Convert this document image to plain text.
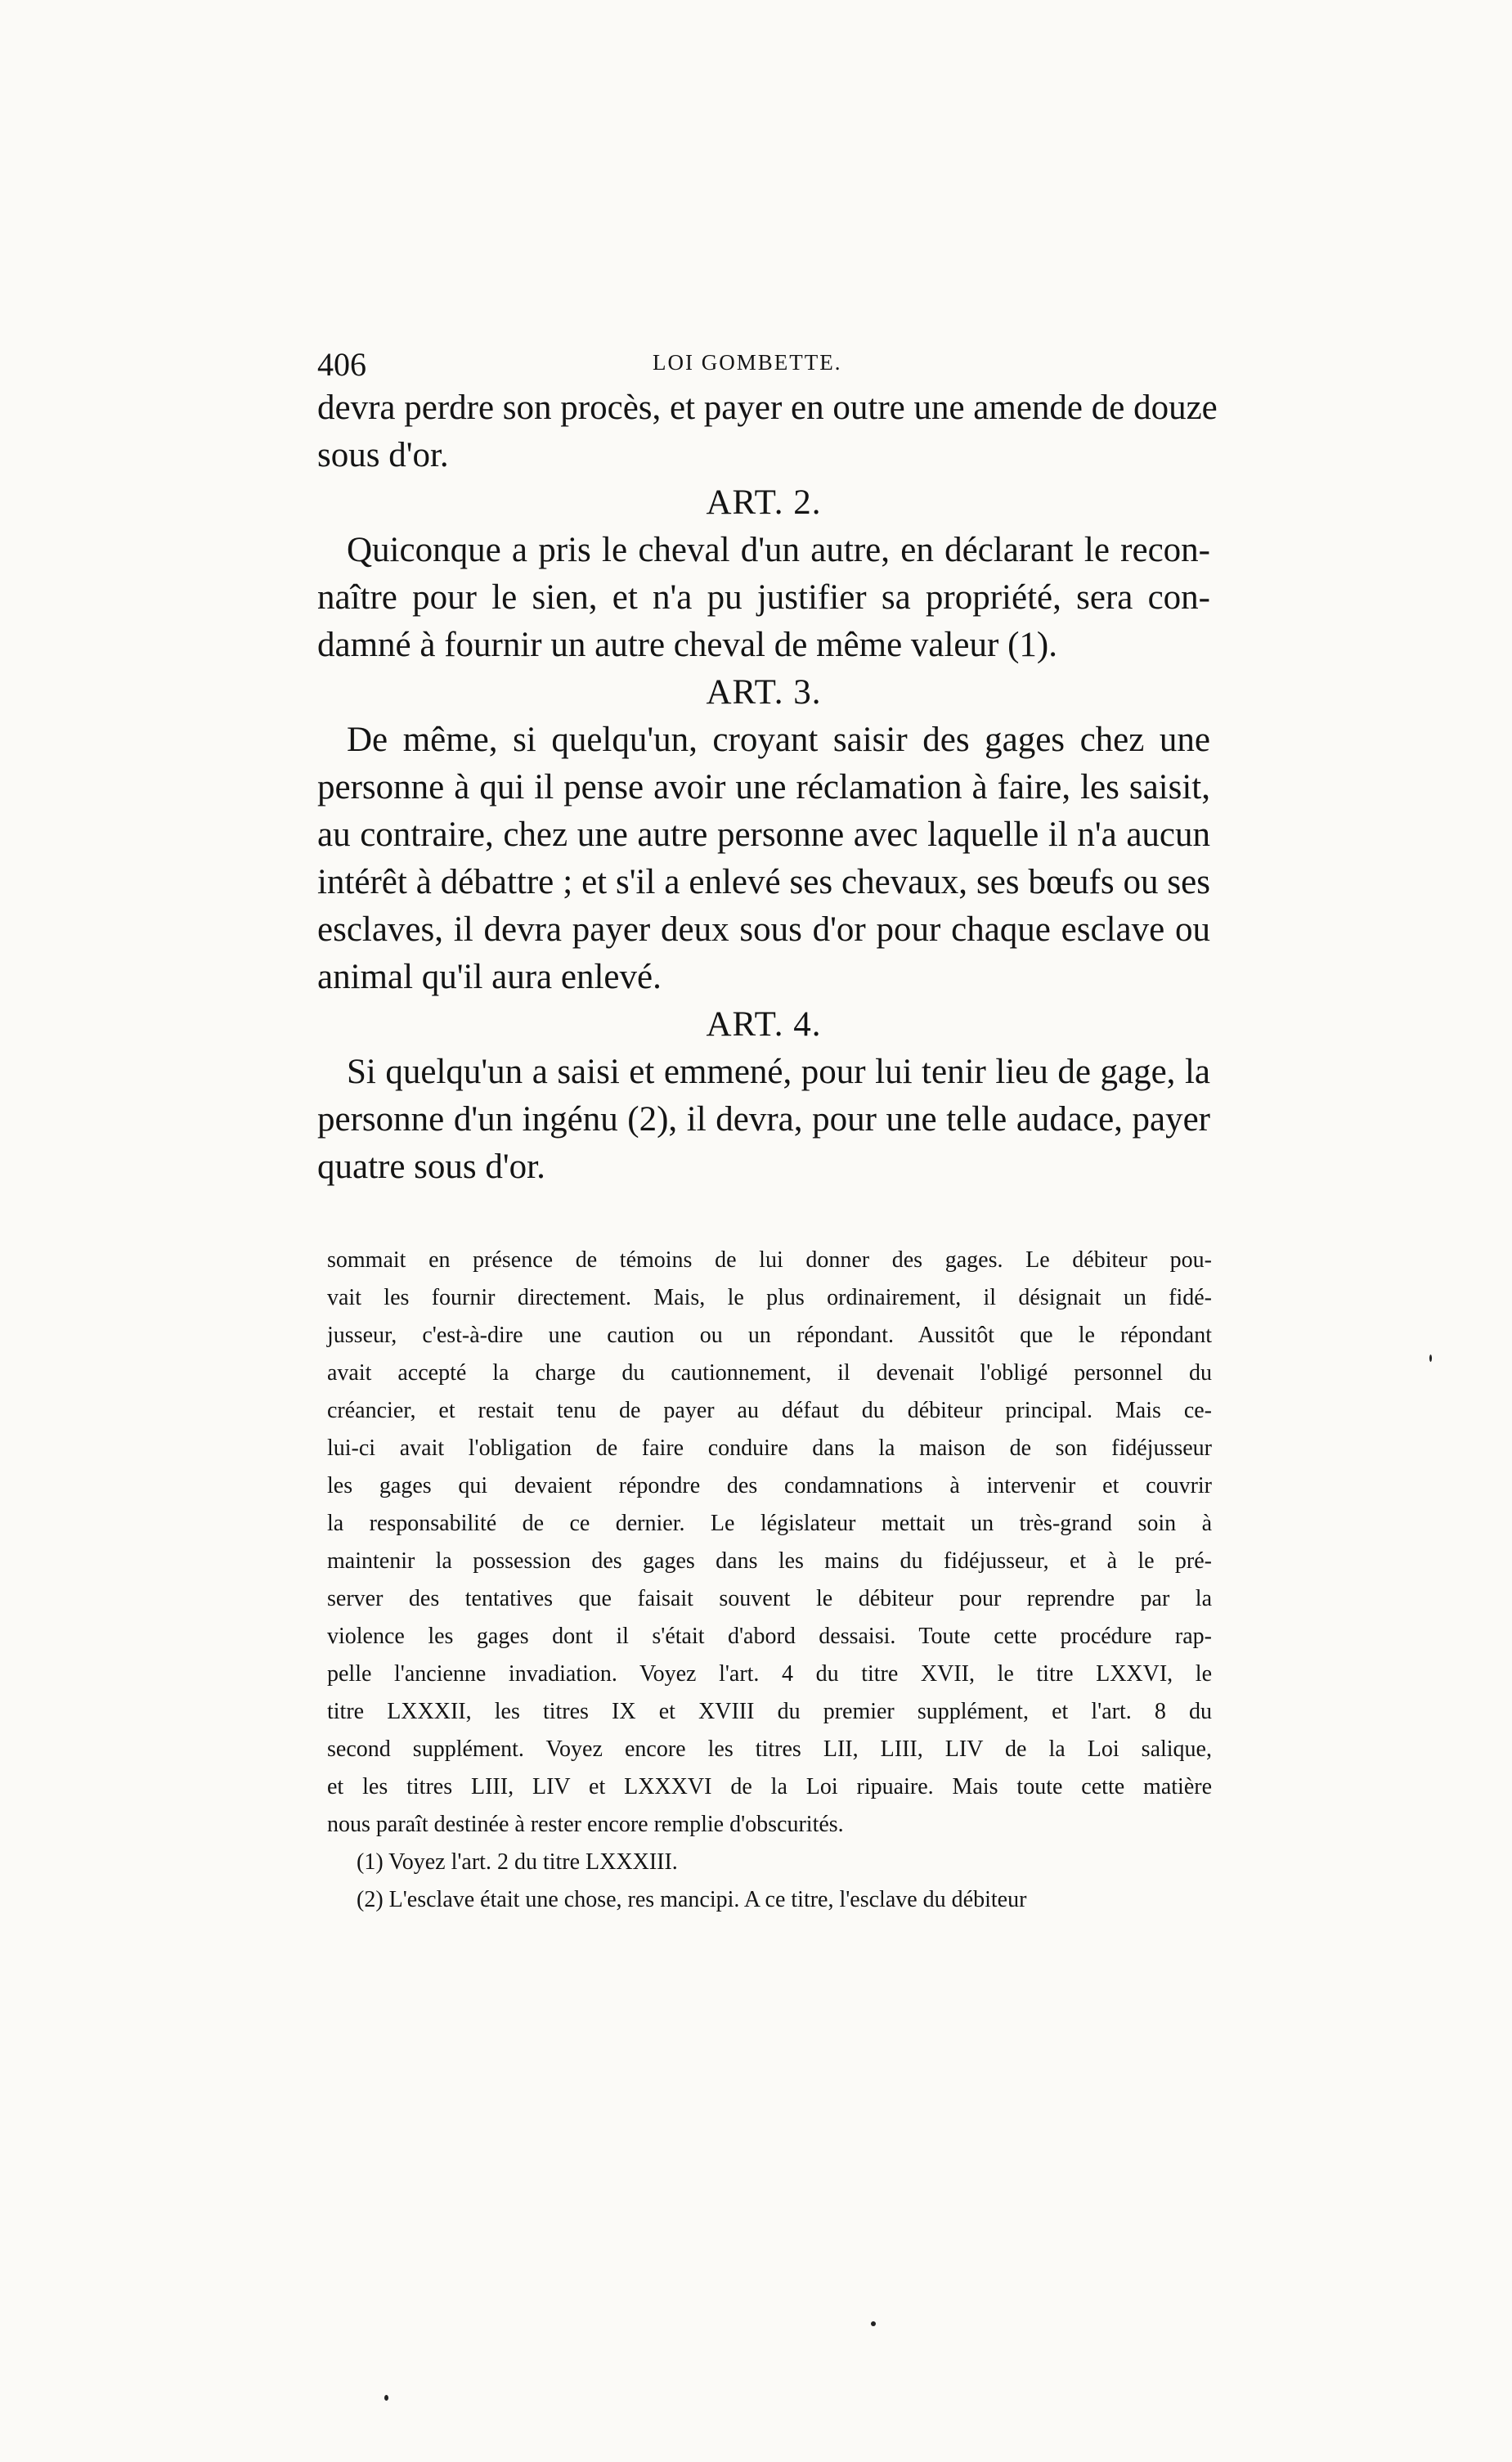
406	LOI GOMBETTE.
devra perdre son procès, et payer en outre une amende de douze
sous d'or.
ART. 2.
Quiconque a pris le cheval d'un autre, en déclarant le recon-
naître pour le sien, et n'a pu justifier sa propriété, sera con-
damné à fournir un autre cheval de même valeur (1).
ART. 3.
De même, si quelqu'un, croyant saisir des gages chez une
personne à qui il pense avoir une réclamation à faire, les saisit,
au contraire, chez une autre personne avec laquelle il n'a aucun
intérêt à débattre ; et s'il a enlevé ses chevaux, ses bœufs ou ses
esclaves, il devra payer deux sous d'or pour chaque esclave ou
animal qu'il aura enlevé.
ART. 4.
Si quelqu'un a saisi et emmené, pour lui tenir lieu de gage, la
personne d'un ingénu (2), il devra, pour une telle audace, payer
quatre sous d'or.
sommait en présence de témoins de lui donner des gages. Le débiteur pou-
vait les fournir directement. Mais, le plus ordinairement, il désignait un fidé-
jusseur, c'est-à-dire une caution ou un répondant. Aussitôt que le répondant
avait accepté la charge du cautionnement, il devenait l'obligé personnel du
créancier, et restait tenu de payer au défaut du débiteur principal. Mais ce-
lui-ci avait l'obligation de faire conduire dans la maison de son fidéjusseur
les gages qui devaient répondre des condamnations à intervenir et couvrir
la responsabilité de ce dernier. Le législateur mettait un très-grand soin à
maintenir la possession des gages dans les mains du fidéjusseur, et à le pré-
server des tentatives que faisait souvent le débiteur pour reprendre par la
violence les gages dont il s'était d'abord dessaisi. Toute cette procédure rap-
pelle l'ancienne invadiation. Voyez l'art. 4 du titre XVII, le titre LXXVI, le
titre LXXXII, les titres IX et XVIII du premier supplément, et l'art. 8 du
second supplément. Voyez encore les titres LII, LIII, LIV de la Loi salique,
et les titres LIII, LIV et LXXXVI de la Loi ripuaire. Mais toute cette matière
nous paraît destinée à rester encore remplie d'obscurités.
(1) Voyez l'art. 2 du titre LXXXIII.
(2) L'esclave était une chose, res mancipi. A ce titre, l'esclave du débiteur
